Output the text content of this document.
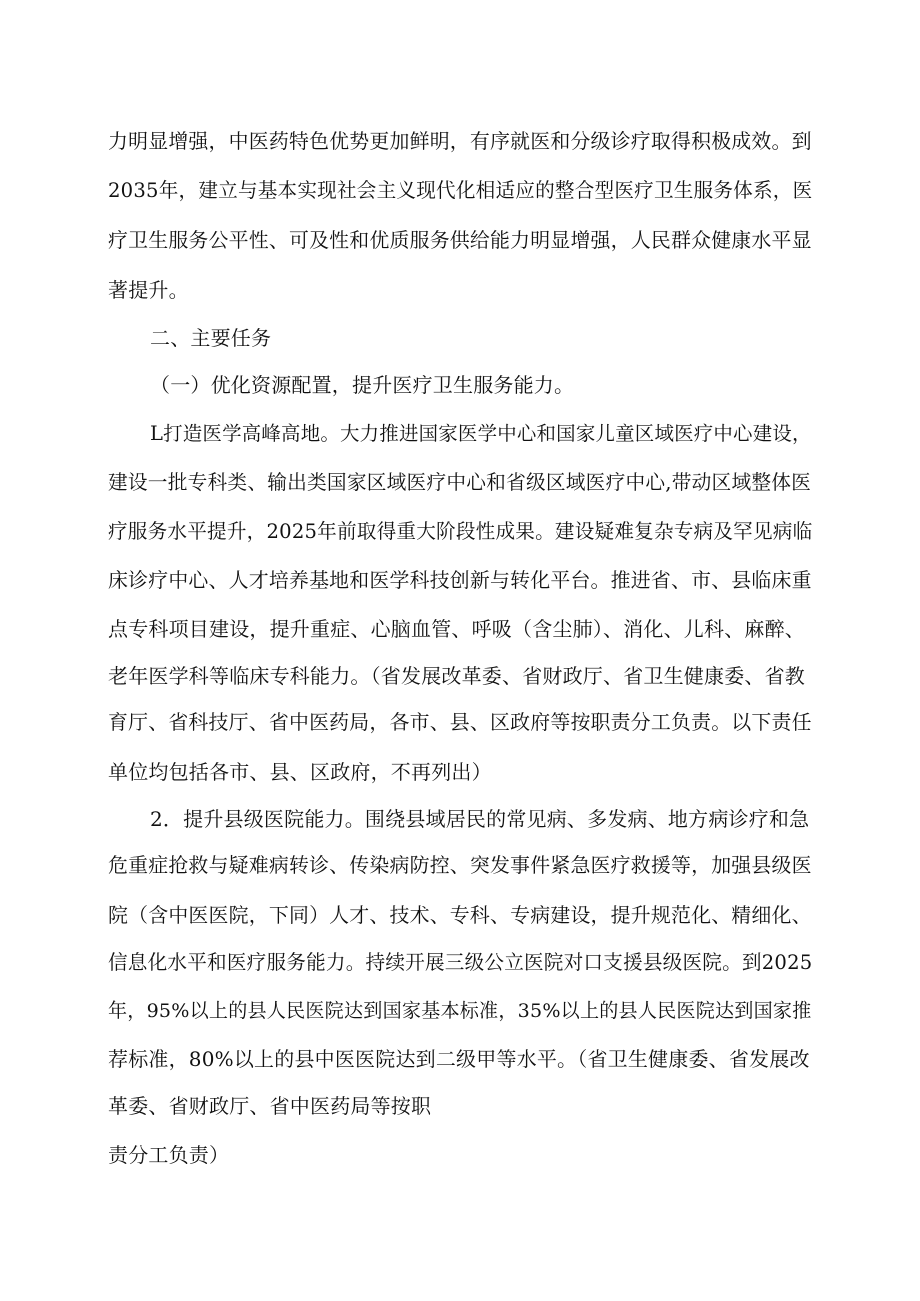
力明显增强，中医药特色优势更加鲜明，有序就医和分级诊疗取得积极成效。到
2035年，建立与基本实现社会主义现代化相适应的整合型医疗卫生服务体系，医
疗卫生服务公平性、可及性和优质服务供给能力明显增强，人民群众健康水平显
著提升。
二、主要任务
（一）优化资源配置，提升医疗卫生服务能力。
L打造医学高峰高地。大力推进国家医学中心和国家儿童区域医疗中心建设，
建设一批专科类、输出类国家区域医疗中心和省级区域医疗中心,带动区域整体医
疗服务水平提升，2025年前取得重大阶段性成果。建设疑难复杂专病及罕见病临
床诊疗中心、人才培养基地和医学科技创新与转化平台。推进省、市、县临床重
点专科项目建设，提升重症、心脑血管、呼吸（含尘肺）、消化、儿科、麻醉、
老年医学科等临床专科能力。（省发展改革委、省财政厅、省卫生健康委、省教
育厅、省科技厅、省中医药局，各市、县、区政府等按职责分工负责。以下责任
单位均包括各市、县、区政府，不再列出）
2．提升县级医院能力。围绕县域居民的常见病、多发病、地方病诊疗和急
危重症抢救与疑难病转诊、传染病防控、突发事件紧急医疗救援等，加强县级医
院（含中医医院，下同）人才、技术、专科、专病建设，提升规范化、精细化、
信息化水平和医疗服务能力。持续开展三级公立医院对口支援县级医院。到2025
年，95%以上的县人民医院达到国家基本标准，35%以上的县人民医院达到国家推
荐标准，80%以上的县中医医院达到二级甲等水平。（省卫生健康委、省发展改
革委、省财政厅、省中医药局等按职
责分工负责）
